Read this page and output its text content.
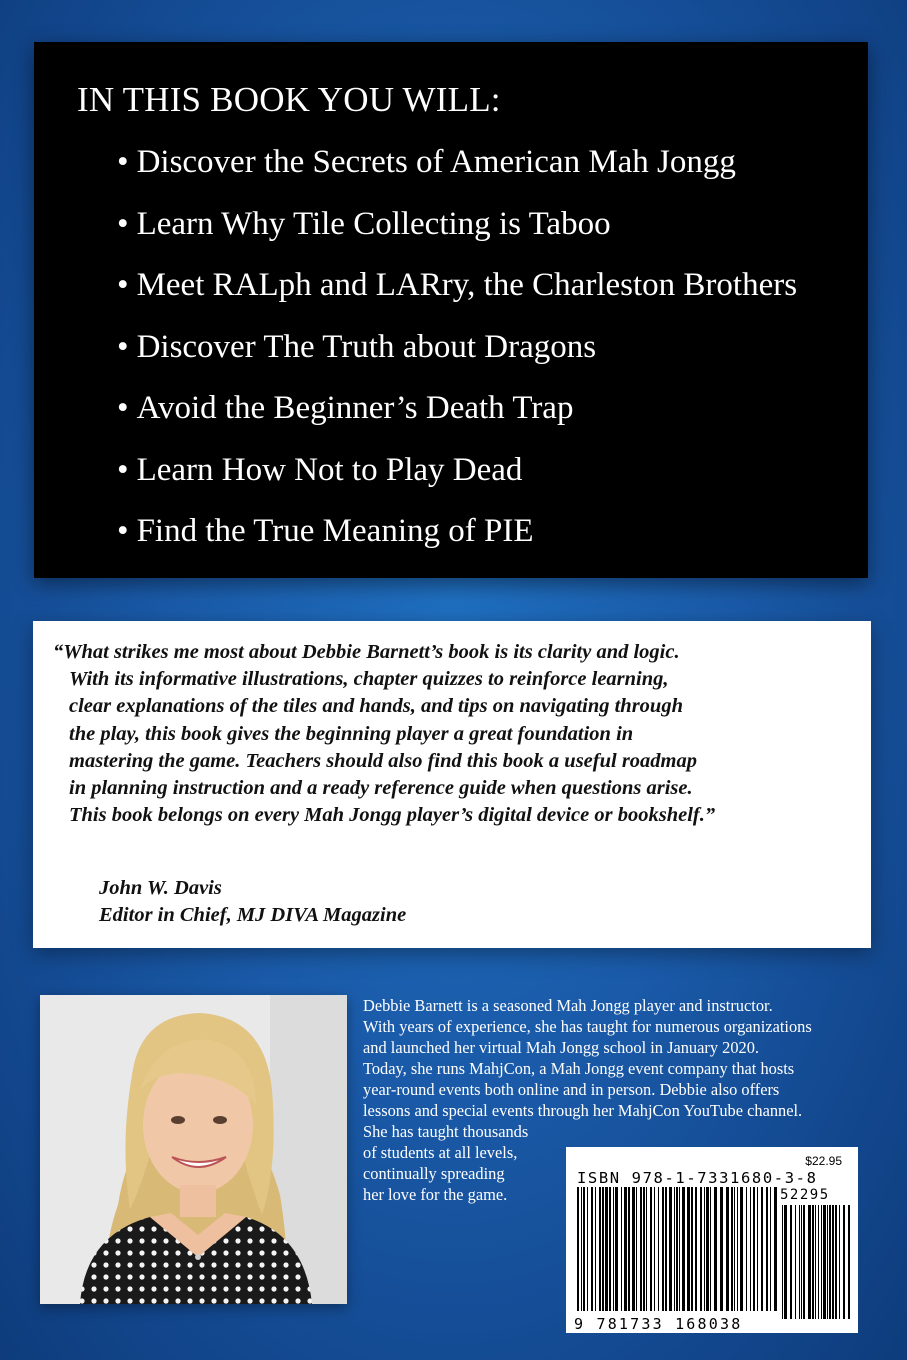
IN THIS BOOK YOU WILL:
• Discover the Secrets of American Mah Jongg
• Learn Why Tile Collecting is Taboo
• Meet RALph and LARry, the Charleston Brothers
• Discover The Truth about Dragons
• Avoid the Beginner’s Death Trap
• Learn How Not to Play Dead
• Find the True Meaning of PIE

“What strikes me most about Debbie Barnett’s book is its clarity and logic.
With its informative illustrations, chapter quizzes to reinforce learning,
clear explanations of the tiles and hands, and tips on navigating through
the play, this book gives the beginning player a great foundation in
mastering the game. Teachers should also find this book a useful roadmap
in planning instruction and a ready reference guide when questions arise.
This book belongs on every Mah Jongg player’s digital device or bookshelf.”

John W. Davis
Editor in Chief, MJ DIVA Magazine

Debbie Barnett is a seasoned Mah Jongg player and instructor.
With years of experience, she has taught for numerous organizations
and launched her virtual Mah Jongg school in January 2020.
Today, she runs MahjCon, a Mah Jongg event company that hosts
year-round events both online and in person. Debbie also offers
lessons and special events through her MahjCon YouTube channel.
She has taught thousands
of students at all levels,
continually spreading
her love for the game.

$22.95
ISBN 978-1-7331680-3-8
52295
9 781733 168038
